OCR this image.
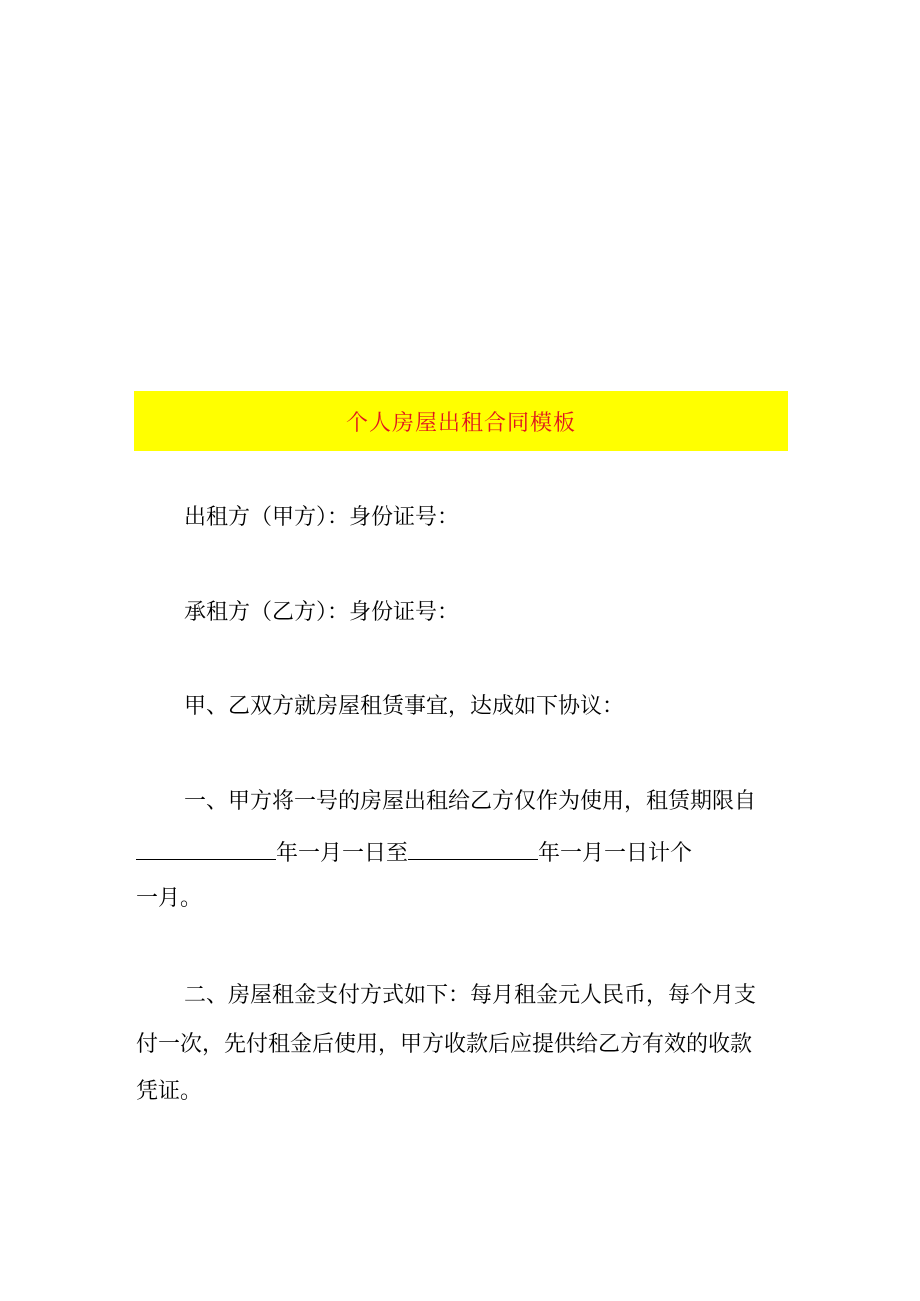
个人房屋出租合同模板
出租方（甲方）：身份证号：
承租方（乙方）：身份证号：
甲、乙双方就房屋租赁事宜，达成如下协议：
一、甲方将一号的房屋出租给乙方仅作为使用，租赁期限自
年一月一日至	年一月一日计个
一月。
二、房屋租金支付方式如下：每月租金元人民币，每个月支
付一次，先付租金后使用，甲方收款后应提供给乙方有效的收款
凭证。
